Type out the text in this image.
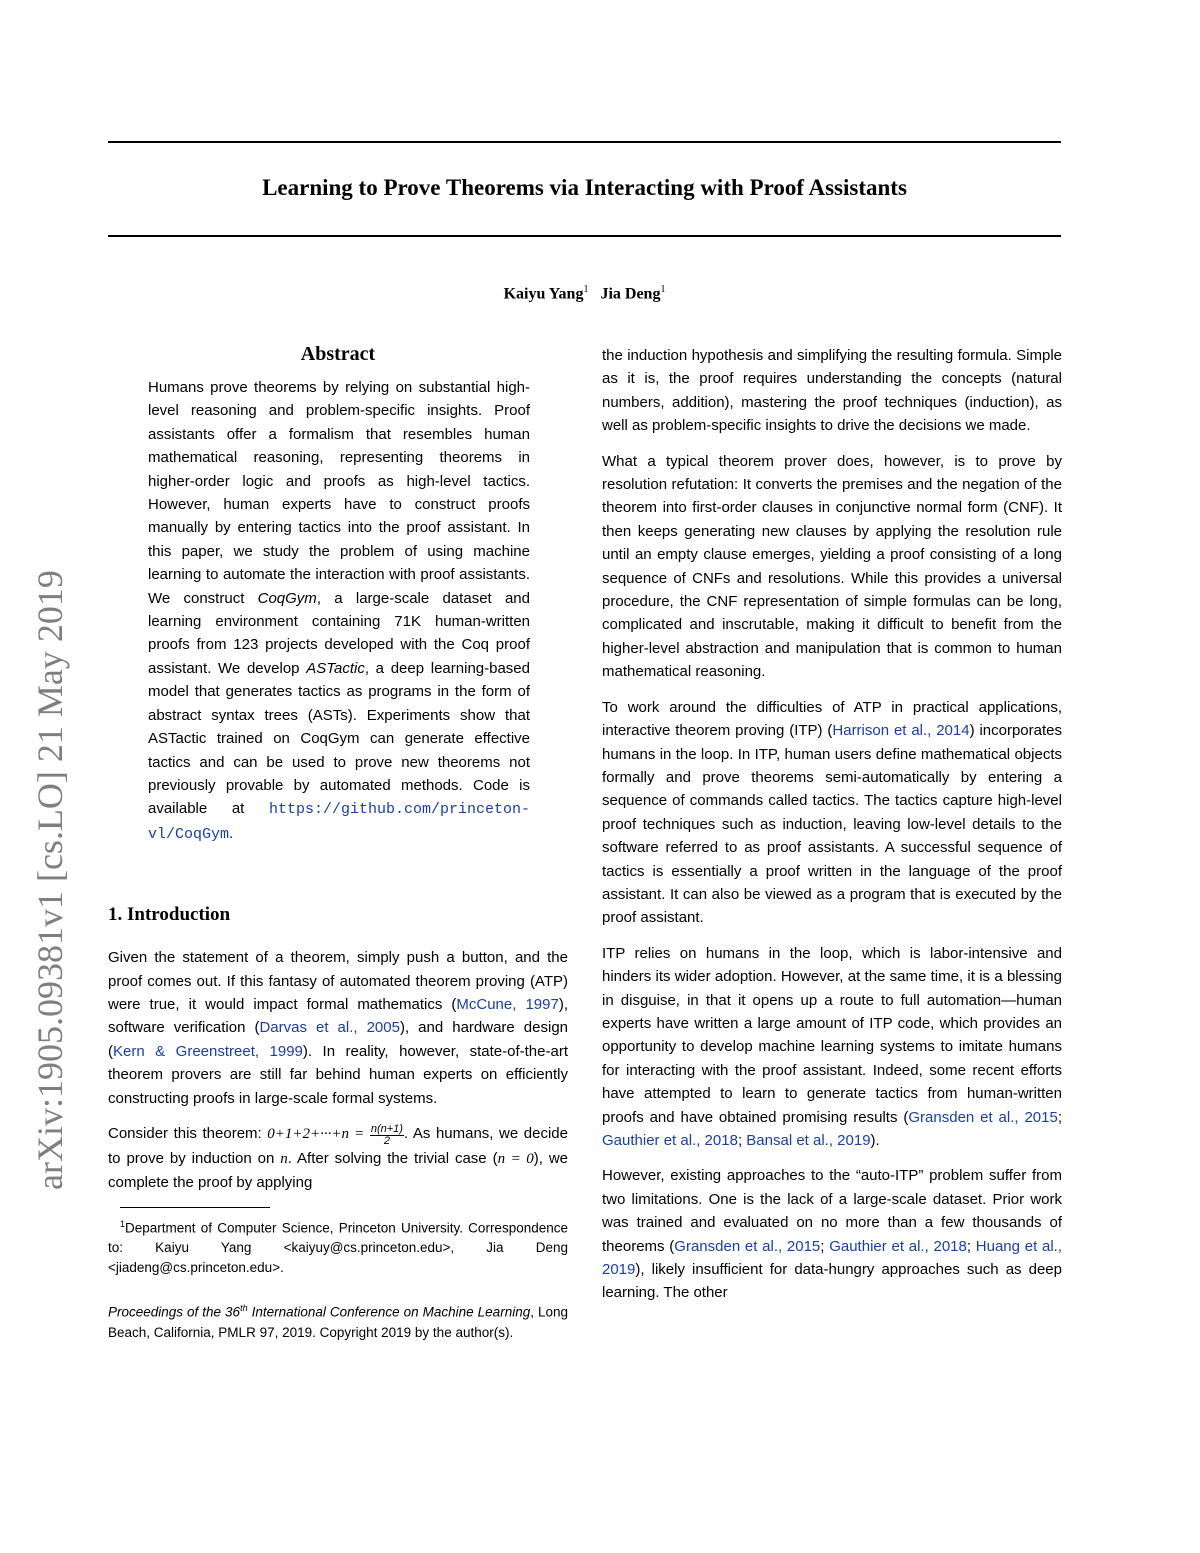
Learning to Prove Theorems via Interacting with Proof Assistants
Kaiyu Yang$^1$ Jia Deng$^1$
arXiv:1905.09381v1 [cs.LO] 21 May 2019
Abstract
Humans prove theorems by relying on substantial high-level reasoning and problem-specific insights. Proof assistants offer a formalism that resembles human mathematical reasoning, representing theorems in higher-order logic and proofs as high-level tactics. However, human experts have to construct proofs manually by entering tactics into the proof assistant. In this paper, we study the problem of using machine learning to automate the interaction with proof assistants. We construct CoqGym, a large-scale dataset and learning environment containing 71K human-written proofs from 123 projects developed with the Coq proof assistant. We develop ASTactic, a deep learning-based model that generates tactics as programs in the form of abstract syntax trees (ASTs). Experiments show that ASTactic trained on CoqGym can generate effective tactics and can be used to prove new theorems not previously provable by automated methods. Code is available at https://github.com/princeton-vl/CoqGym.
1. Introduction

Given the statement of a theorem, simply push a button, and the proof comes out. If this fantasy of automated theorem proving (ATP) were true, it would impact formal mathematics (McCune, 1997), software verification (Darvas et al., 2005), and hardware design (Kern & Greenstreet, 1999). In reality, however, state-of-the-art theorem provers are still far behind human experts on efficiently constructing proofs in large-scale formal systems.

Consider this theorem: $0+1+2+\cdot\cdot\cdot+n = \frac{n(n+1)}{2}$ . As humans, we decide to prove by induction on n. After solving the trivial case (n = 0), we complete the proof by applying

$^1$Department of Computer Science, Princeton University. Correspondence to: Kaiyu Yang <kaiyuy@cs.princeton.edu>, Jia Deng <jiadeng@cs.princeton.edu>.

Proceedings of the 36th International Conference on Machine Learning, Long Beach, California, PMLR 97, 2019. Copyright 2019 by the author(s).

the induction hypothesis and simplifying the resulting formula. Simple as it is, the proof requires understanding the concepts (natural numbers, addition), mastering the proof techniques (induction), as well as problem-specific insights to drive the decisions we made.

What a typical theorem prover does, however, is to prove by resolution refutation: It converts the premises and the negation of the theorem into first-order clauses in conjunctive normal form (CNF). It then keeps generating new clauses by applying the resolution rule until an empty clause emerges, yielding a proof consisting of a long sequence of CNFs and resolutions. While this provides a universal procedure, the CNF representation of simple formulas can be long, complicated and inscrutable, making it difficult to benefit from the higher-level abstraction and manipulation that is common to human mathematical reasoning.

To work around the difficulties of ATP in practical applications, interactive theorem proving (ITP) (Harrison et al., 2014) incorporates humans in the loop. In ITP, human users define mathematical objects formally and prove theorems semi-automatically by entering a sequence of commands called tactics. The tactics capture high-level proof techniques such as induction, leaving low-level details to the software referred to as proof assistants. A successful sequence of tactics is essentially a proof written in the language of the proof assistant. It can also be viewed as a program that is executed by the proof assistant.

ITP relies on humans in the loop, which is labor-intensive and hinders its wider adoption. However, at the same time, it is a blessing in disguise, in that it opens up a route to full automation—human experts have written a large amount of ITP code, which provides an opportunity to develop machine learning systems to imitate humans for interacting with the proof assistant. Indeed, some recent efforts have attempted to learn to generate tactics from human-written proofs and have obtained promising results (Gransden et al., 2015; Gauthier et al., 2018; Bansal et al., 2019).

However, existing approaches to the “auto-ITP” problem suffer from two limitations. One is the lack of a large-scale dataset. Prior work was trained and evaluated on no more than a few thousands of theorems (Gransden et al., 2015; Gauthier et al., 2018; Huang et al., 2019), likely insufficient for data-hungry approaches such as deep learning. The other
